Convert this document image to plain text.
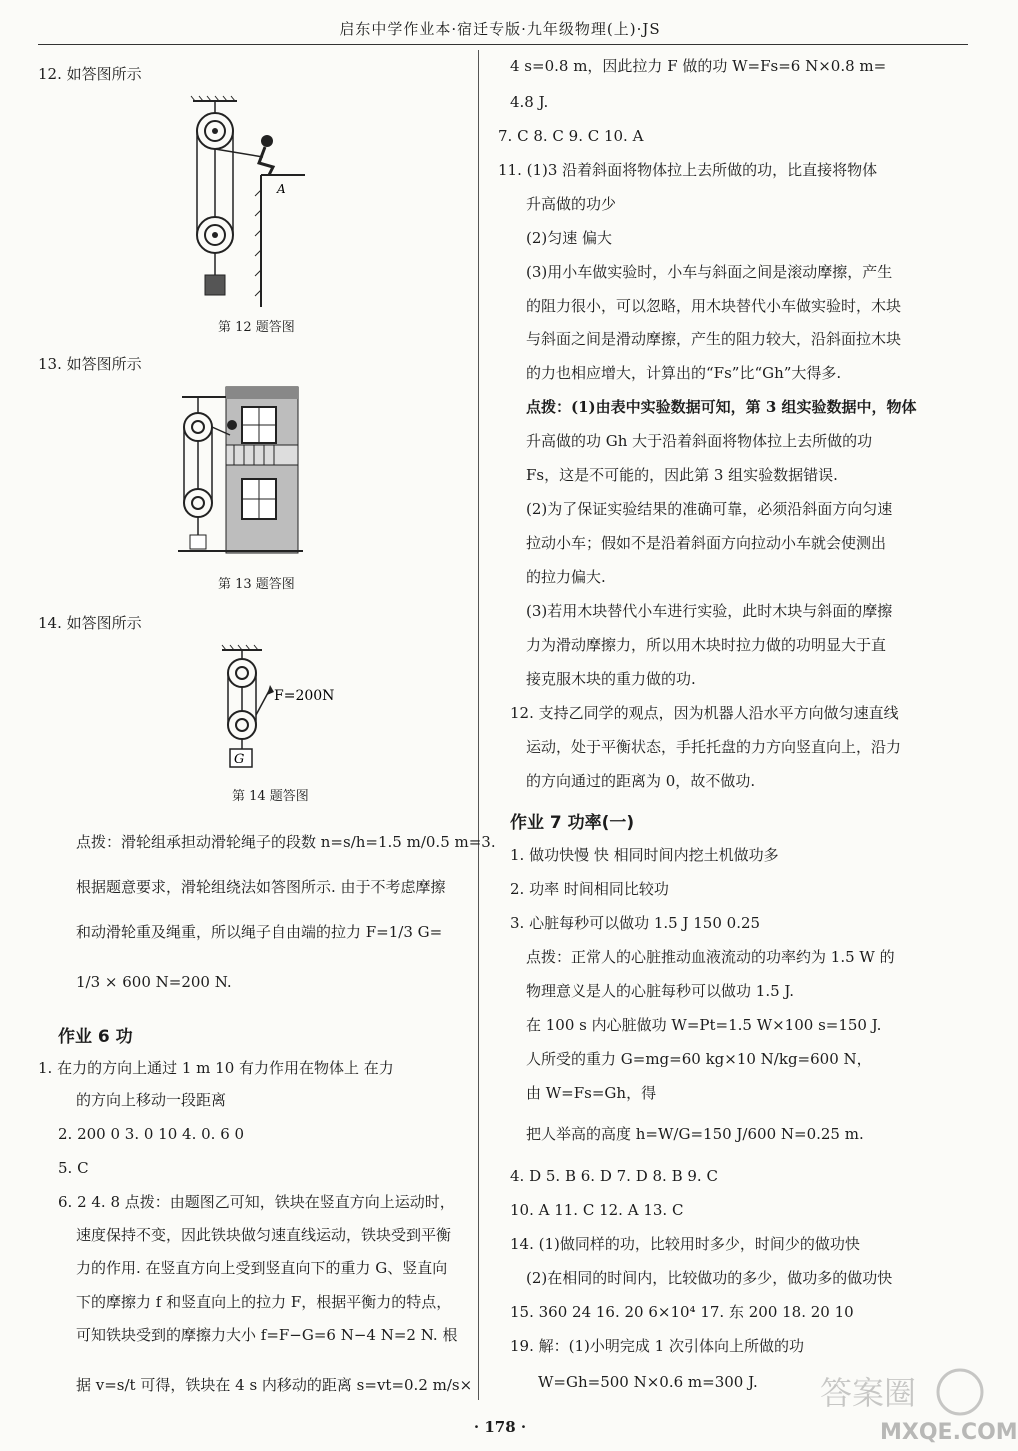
启东中学作业本·宿迁专版·九年级物理(上)·JS
12. 如答图所示
A
第 12 题答图
13. 如答图所示
第 13 题答图
14. 如答图所示
F=200N
G
第 14 题答图
点拨：滑轮组承担动滑轮绳子的段数 n=s/h=1.5 m/0.5 m=3.
根据题意要求，滑轮组绕法如答图所示. 由于不考虑摩擦
和动滑轮重及绳重，所以绳子自由端的拉力 F=1/3 G=
1/3 × 600 N=200 N.
作业 6 功
1. 在力的方向上通过 1 m 10 有力作用在物体上 在力
的方向上移动一段距离
2. 200 0 3. 0 10 4. 0. 6 0
5. C
6. 2 4. 8 点拨：由题图乙可知，铁块在竖直方向上运动时，
速度保持不变，因此铁块做匀速直线运动，铁块受到平衡
力的作用. 在竖直方向上受到竖直向下的重力 G、竖直向
下的摩擦力 f 和竖直向上的拉力 F，根据平衡力的特点，
可知铁块受到的摩擦力大小 f=F−G=6 N−4 N=2 N. 根
据 v=s/t 可得，铁块在 4 s 内移动的距离 s=vt=0.2 m/s×
4 s=0.8 m，因此拉力 F 做的功 W=Fs=6 N×0.8 m=
4.8 J.
7. C 8. C 9. C 10. A
11. (1)3 沿着斜面将物体拉上去所做的功，比直接将物体
升高做的功少
(2)匀速 偏大
(3)用小车做实验时，小车与斜面之间是滚动摩擦，产生
的阻力很小，可以忽略，用木块替代小车做实验时，木块
与斜面之间是滑动摩擦，产生的阻力较大，沿斜面拉木块
的力也相应增大，计算出的“Fs”比“Gh”大得多.
点拨：(1)由表中实验数据可知，第 3 组实验数据中，物体
升高做的功 Gh 大于沿着斜面将物体拉上去所做的功
Fs，这是不可能的，因此第 3 组实验数据错误.
(2)为了保证实验结果的准确可靠，必须沿斜面方向匀速
拉动小车；假如不是沿着斜面方向拉动小车就会使测出
的拉力偏大.
(3)若用木块替代小车进行实验，此时木块与斜面的摩擦
力为滑动摩擦力，所以用木块时拉力做的功明显大于直
接克服木块的重力做的功.
12. 支持乙同学的观点，因为机器人沿水平方向做匀速直线
运动，处于平衡状态，手托托盘的力方向竖直向上，沿力
的方向通过的距离为 0，故不做功.
作业 7 功率(一)
1. 做功快慢 快 相同时间内挖土机做功多
2. 功率 时间相同比较功
3. 心脏每秒可以做功 1.5 J 150 0.25
点拨：正常人的心脏推动血液流动的功率约为 1.5 W 的
物理意义是人的心脏每秒可以做功 1.5 J.
在 100 s 内心脏做功 W=Pt=1.5 W×100 s=150 J.
人所受的重力 G=mg=60 kg×10 N/kg=600 N，
由 W=Fs=Gh，得
把人举高的高度 h=W/G=150 J/600 N=0.25 m.
4. D 5. B 6. D 7. D 8. B 9. C
10. A 11. C 12. A 13. C
14. (1)做同样的功，比较用时多少，时间少的做功快
(2)在相同的时间内，比较做功的多少，做功多的做功快
15. 360 24 16. 20 6×10⁴ 17. 东 200 18. 20 10
19. 解：(1)小明完成 1 次引体向上所做的功
W=Gh=500 N×0.6 m=300 J.
· 178 ·
答案圈
MXQE.COM
